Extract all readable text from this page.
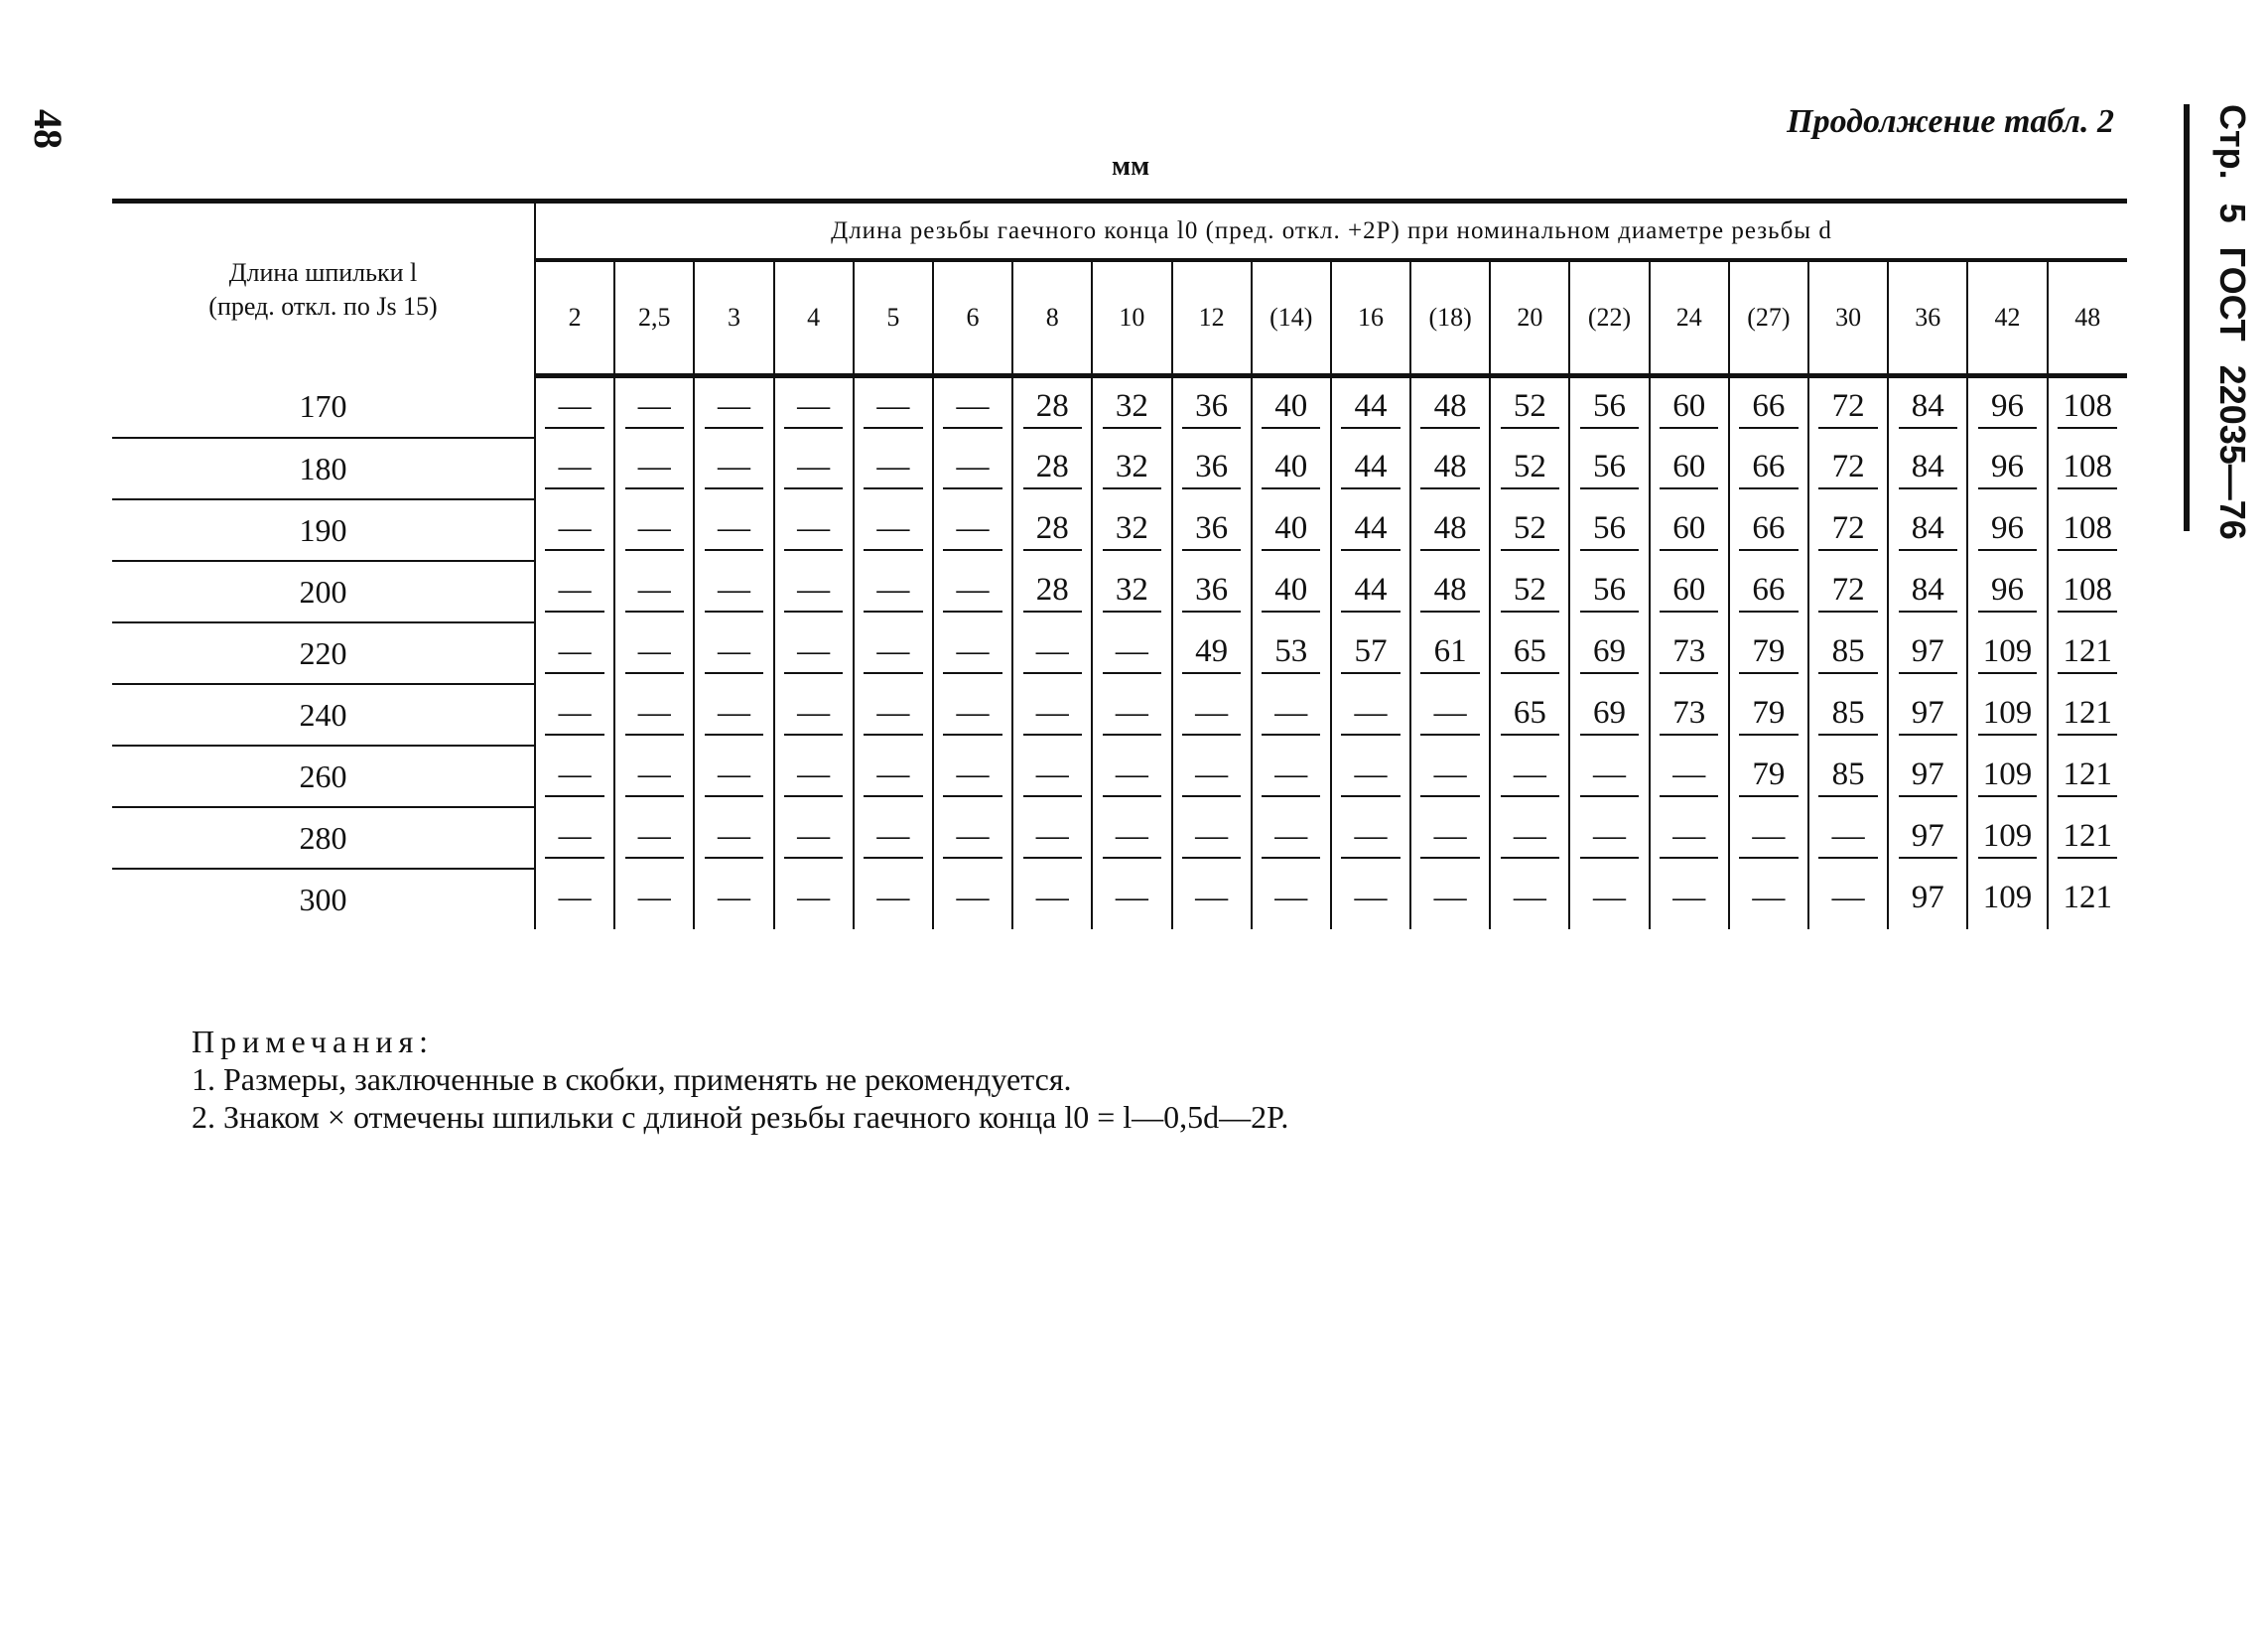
48	Продолжение табл. 2
мм	Стр. 5 ГОСТ 22035—76
Длина шпильки l
(пред. откл. по Js 15)	Длина резьбы гаечного конца l0 (пред. откл. +2P) при номинальном диаметре резьбы d																			
	2	2,5	3	4	5	6	8	10	12	(14)	16	(18)	20	(22)	24	(27)	30	36	42	48
170	—	—	—	—	—	—	28	32	36	40	44	48	52	56	60	66	72	84	96	108
180	—	—	—	—	—	—	28	32	36	40	44	48	52	56	60	66	72	84	96	108
190	—	—	—	—	—	—	28	32	36	40	44	48	52	56	60	66	72	84	96	108
200	—	—	—	—	—	—	28	32	36	40	44	48	52	56	60	66	72	84	96	108
220	—	—	—	—	—	—	—	—	49	53	57	61	65	69	73	79	85	97	109	121
240	—	—	—	—	—	—	—	—	—	—	—	—	65	69	73	79	85	97	109	121
260	—	—	—	—	—	—	—	—	—	—	—	—	—	—	—	79	85	97	109	121
280	—	—	—	—	—	—	—	—	—	—	—	—	—	—	—	—	—	97	109	121
300	—	—	—	—	—	—	—	—	—	—	—	—	—	—	—	—	—	97	109	121
Примечания:
1. Размеры, заключенные в скобки, применять не рекомендуется.
2. Знаком × отмечены шпильки с длиной резьбы гаечного конца l0 = l—0,5d—2P.
